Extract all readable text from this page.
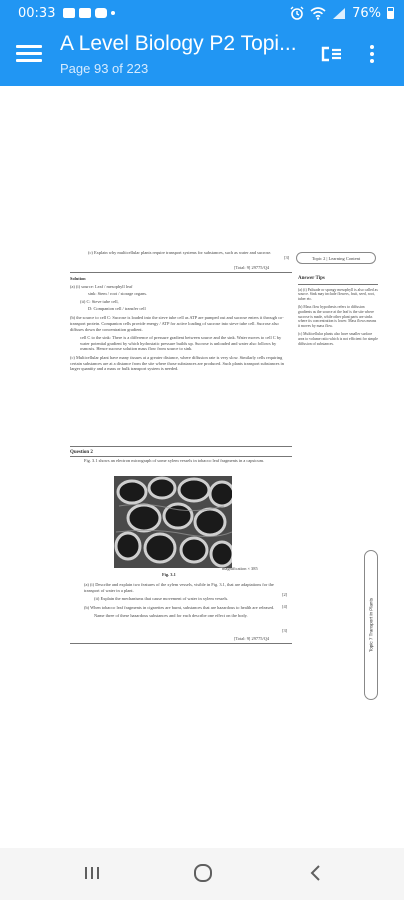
00:33	76%
A Level Biology P2 Topi...
Page 93 of 223
Topic 2 | Learning Content
(c) Explain why multicellular plants require transport systems for substances, such as water and sucrose.
[3]
[Total: 9] 29775/Q4
Solution
(a) (i) source: Leaf / mesophyll leaf
sink: Stem / root / storage organs.
(ii) C: Sieve tube cell,
D: Companion cell / transfer cell
(b) the source to cell C: Sucrose is loaded into the sieve tube cell as ATP are pumped out and sucrose enters it through co-transport protein. Companion cells provide energy / ATP for active loading of sucrose into sieve tube cell. Sucrose also diffuses down the concentration gradient.
cell C to the sink: There is a difference of pressure gradient between source and the sink. Water moves to cell C by water potential gradient by which hydrostatic pressure builds up. Sucrose is unloaded and water also follows by osmosis. Hence sucrose solution mass flow from source to sink.
(c) Multicellular plant have many tissues at a greater distance, where diffusion rate is very slow. Similarly cells requiring certain substances are at a distance from the site where those substances are produced. Such plants transport substances in larger quantity and a mass or bulk transport system is needed.
Answer Tips
(a) (i) Palisade or spongy mesophyll is also called as source. Sink may include flowers, fruit, seed, root, tuber etc.
(b) Mass flow hypothesis refers to diffusion gradients as the source at the leaf is the site where sucrose is made, while other plant parts are sinks where its concentration is lower. Mass flows means it moves by mass flow.
(c) Multicellular plants also have smaller surface area to volume ratio which is not efficient for simple diffusion of substances.
Question 2
Fig. 3.1 shows an electron micrograph of some xylem vessels in tobacco leaf fragments in a capsicum.
Fig. 3.1
magnification × 385
(a) (i) Describe and explain two features of the xylem vessels, visible in Fig. 3.1, that are adaptations for the transport of water in a plant.
(ii) Explain the mechanisms that cause movement of water in xylem vessels.
(b) When tobacco leaf fragments in cigarettes are burnt, substances that are hazardous to health are released.
Name three of these hazardous substances and for each describe one effect on the body.
[2]
[4]
[3]
[Total: 9] 29775/Q4	Topic 7 Transport in Plants
